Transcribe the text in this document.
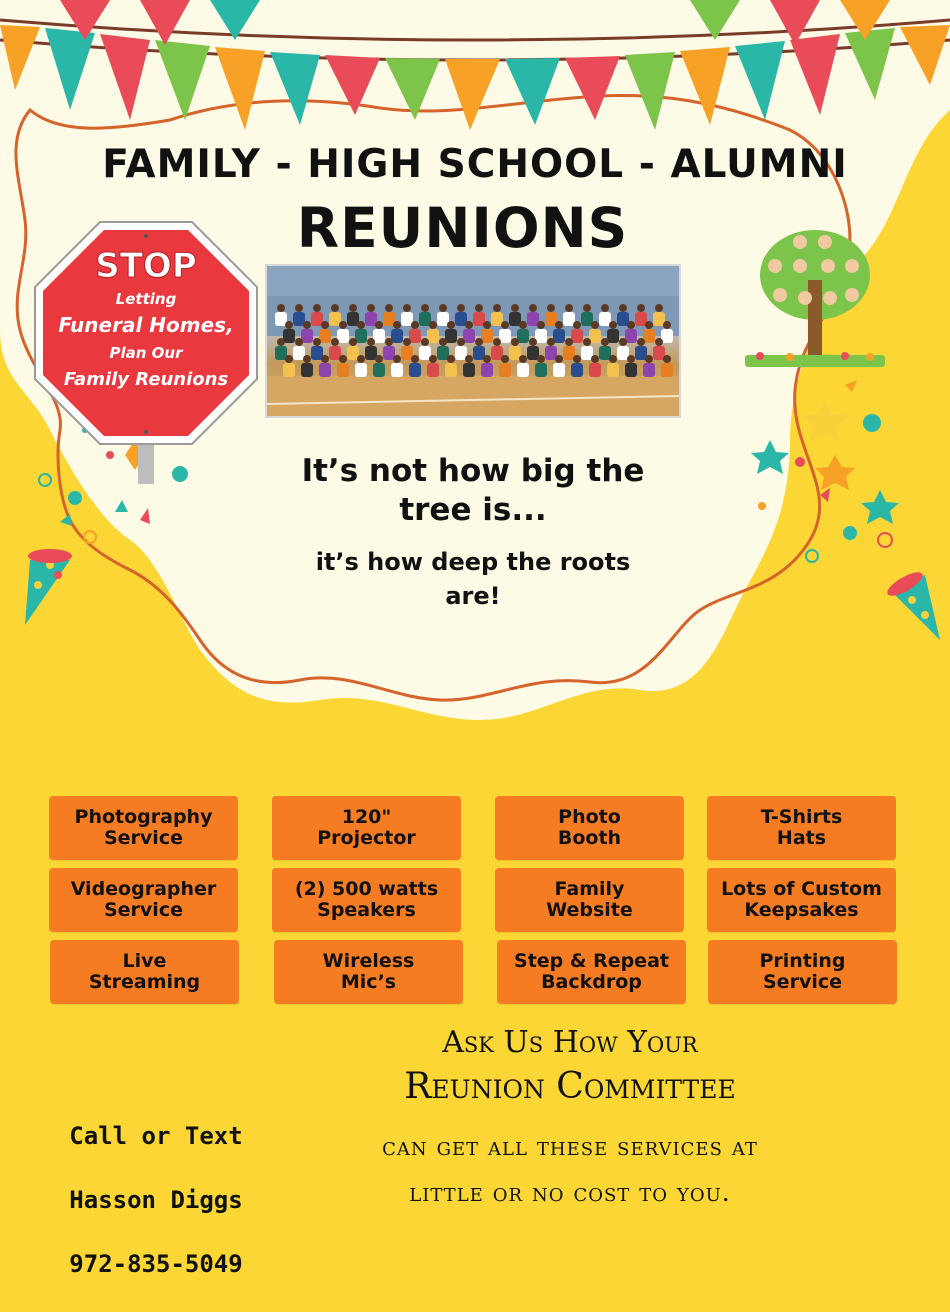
STOP
Letting
Funeral Homes,
Plan Our
Family Reunions
FAMILY - HIGH SCHOOL - ALUMNI
REUNIONS
It’s not how big the
tree is...
it’s how deep the roots
are!
Photography
Service
120"
Projector
Photo
Booth
T-Shirts
Hats
Videographer
Service
(2) 500 watts
Speakers
Family
Website
Lots of Custom
Keepsakes
Live
Streaming
Wireless
Mic’s
Step & Repeat
Backdrop
Printing
Service

Call or Text

Hasson Diggs

972-835-5049

Ask Us How Your
Reunion Committee
can get all these services at
little or no cost to you.
